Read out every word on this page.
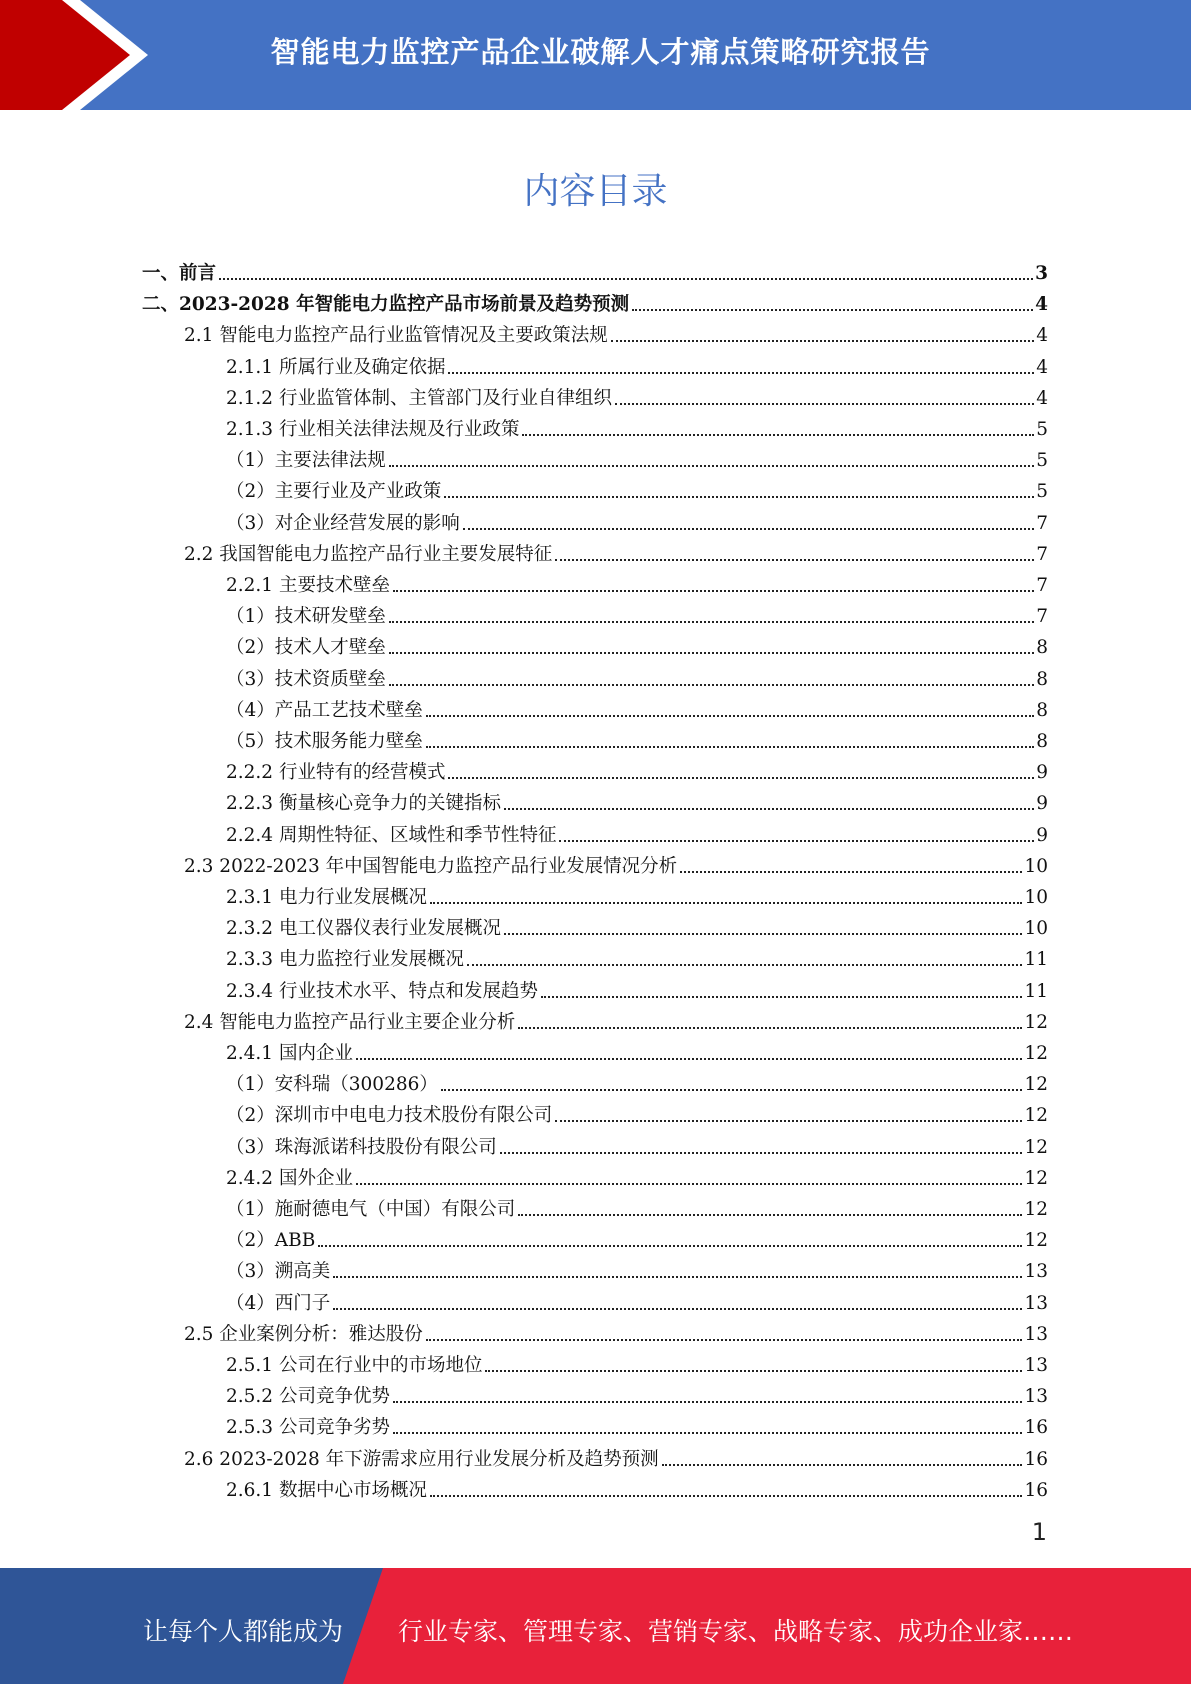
智能电力监控产品企业破解人才痛点策略研究报告
内容目录
一、前言	3
二、2023-2028 年智能电力监控产品市场前景及趋势预测	4
2.1 智能电力监控产品行业监管情况及主要政策法规	4
2.1.1 所属行业及确定依据	4
2.1.2 行业监管体制、主管部门及行业自律组织	4
2.1.3 行业相关法律法规及行业政策	5
（1）主要法律法规	5
（2）主要行业及产业政策	5
（3）对企业经营发展的影响	7
2.2 我国智能电力监控产品行业主要发展特征	7
2.2.1 主要技术壁垒	7
（1）技术研发壁垒	7
（2）技术人才壁垒	8
（3）技术资质壁垒	8
（4）产品工艺技术壁垒	8
（5）技术服务能力壁垒	8
2.2.2 行业特有的经营模式	9
2.2.3 衡量核心竞争力的关键指标	9
2.2.4 周期性特征、区域性和季节性特征	9
2.3 2022-2023 年中国智能电力监控产品行业发展情况分析	10
2.3.1 电力行业发展概况	10
2.3.2 电工仪器仪表行业发展概况	10
2.3.3 电力监控行业发展概况	11
2.3.4 行业技术水平、特点和发展趋势	11
2.4 智能电力监控产品行业主要企业分析	12
2.4.1 国内企业	12
（1）安科瑞（300286）	12
（2）深圳市中电电力技术股份有限公司	12
（3）珠海派诺科技股份有限公司	12
2.4.2 国外企业	12
（1）施耐德电气（中国）有限公司	12
（2）ABB	12
（3）溯高美	13
（4）西门子	13
2.5 企业案例分析：雅达股份	13
2.5.1 公司在行业中的市场地位	13
2.5.2 公司竞争优势	13
2.5.3 公司竞争劣势	16
2.6 2023-2028 年下游需求应用行业发展分析及趋势预测	16
2.6.1 数据中心市场概况	16
1
让每个人都能成为 行业专家、管理专家、营销专家、战略专家、成功企业家……
